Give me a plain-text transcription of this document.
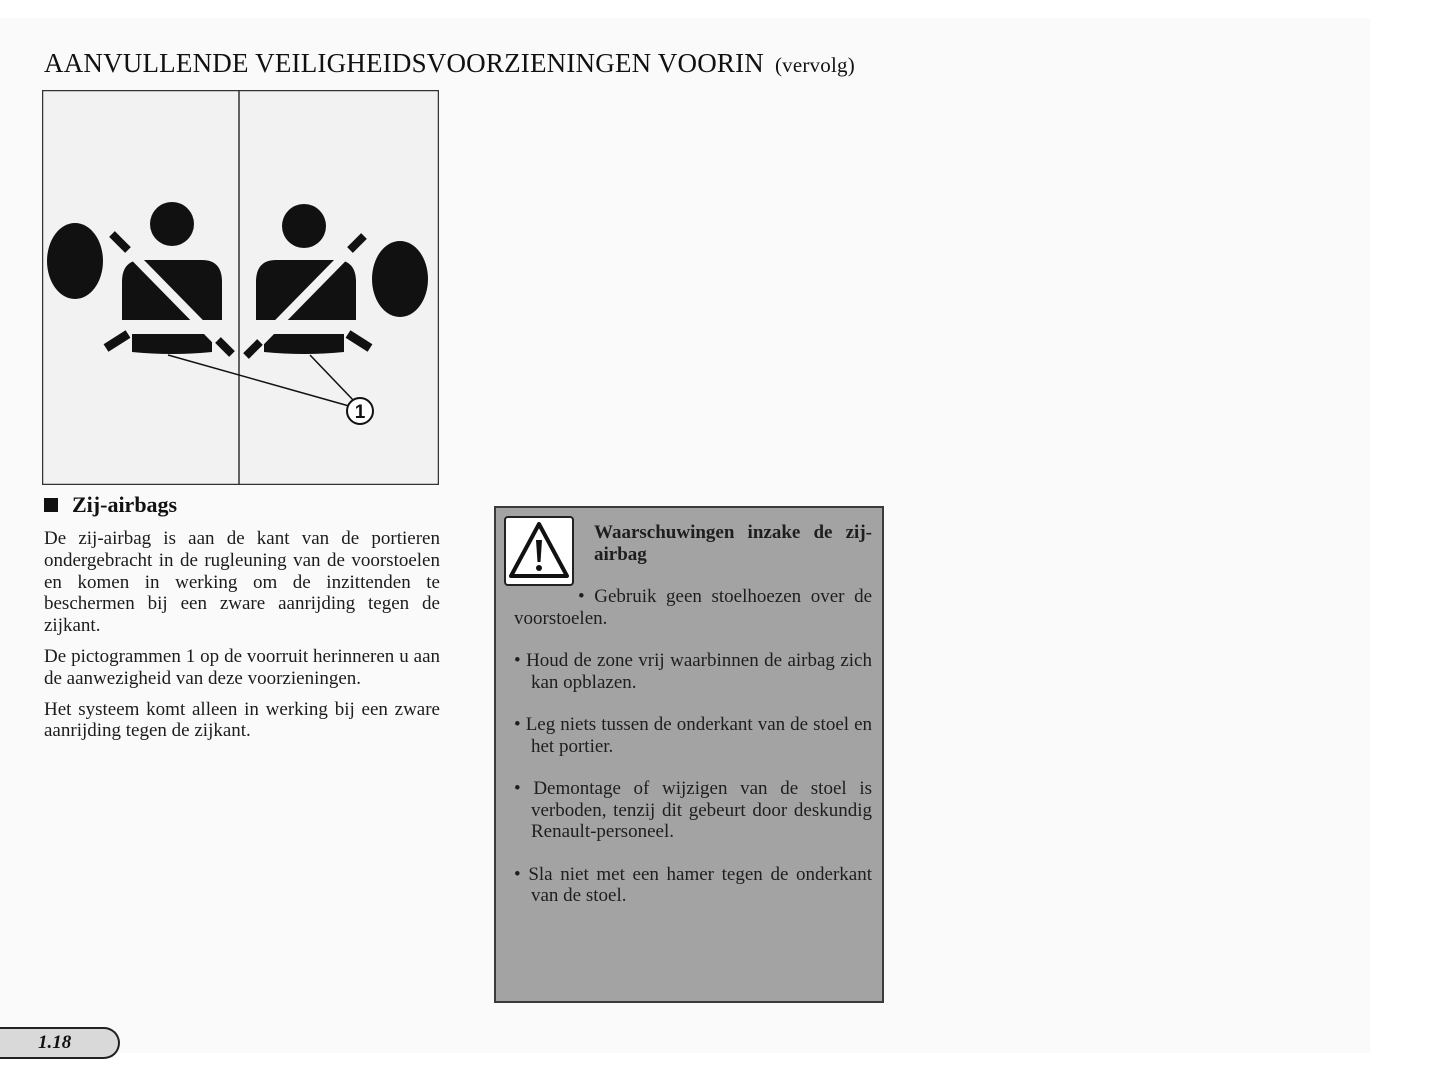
AANVULLENDE VEILIGHEIDSVOORZIENINGEN VOORIN (vervolg)
1
Zij-airbags

De zij-airbag is aan de kant van de portieren ondergebracht in de rugleuning van de voorstoelen en komen in werking om de inzittenden te beschermen bij een zware aanrijding tegen de zijkant.

De pictogrammen 1 op de voorruit herinneren u aan de aanwezigheid van deze voorzieningen.

Het systeem komt alleen in werking bij een zware aanrijding tegen de zijkant.

Waarschuwingen inzake de zij-airbag
• Gebruik geen stoelhoezen over de voorstoelen.
• Houd de zone vrij waarbinnen de airbag zich kan opblazen.
• Leg niets tussen de onderkant van de stoel en het portier.
• Demontage of wijzigen van de stoel is verboden, tenzij dit gebeurt door deskundig Renault-personeel.
• Sla niet met een hamer tegen de onderkant van de stoel.
1.18
